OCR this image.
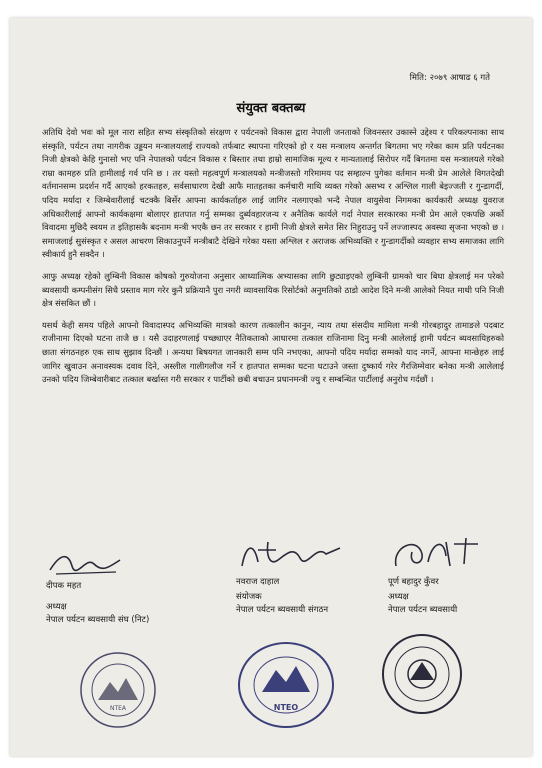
मिति: २०७९ आषाढ ६ गते
संयुक्त बक्तब्य

अतिथि देवो भवः को मूल नारा सहित सभ्य संस्कृतिको संरक्षण र पर्यटनको विकास द्वारा नेपाली जनताको जिवनस्तर उकास्ने उद्देश्य र परिकल्पनाका साथ संस्कृति, पर्यटन तथा नागरीक उड्डयन मन्त्रालयलाई राज्यको तर्फबाट स्थापना गरिएको हो र यस मन्त्रालय अन्तर्गत बिगतमा भए गरेका काम प्रति पर्यटनका निजी क्षेत्रको केहि गुनासो भए पनि नेपालको पर्यटन विकास र बिस्तार तथा हाम्रो सामाजिक मूल्य र मान्यतालाई सिरोपर गर्दै बिगतमा यस मन्त्रालयले गरेको राम्रा कामहरु प्रति हामीलाई गर्व पनि छ । तर यस्तो महत्वपूर्ण मन्त्रालयको मन्त्रीजस्तो गरिमामय पद सम्हाल्न पुगेका वर्तमान मन्त्री प्रेम आलेले विगतदेखी वर्तमानसम्म प्रदर्शन गर्दै आएको हरकतहरु, सर्वसाधारण देखी आफै मातहतका कर्मचारी माथि व्यक्त गरेको असभ्य र अश्लिल गाली बेइज्जती र गुन्डागर्दी, पदिय मर्यादा र जिम्बेवारीलाई चटक्कै बिर्सेर आफ्ना कार्यकर्ताहरु लाई जागिर नलगाएको भन्दै नेपाल वायुसेवा निगमका कार्यकारी अध्यक्ष युवराज अधिकारीलाई आफ्नो कार्यकक्षमा बोलाएर हातपात गर्नु सम्मका दुर्ब्यवहारजन्य र अनैतिक कार्यले गर्दा नेपाल सरकारका मन्त्री प्रेम आले एकपछि अर्को विवादमा मुछिदै स्वयम त इतिहासकै बदनाम मन्त्री भएकै छन तर सरकार र हामी निजी क्षेत्रले समेत सिर निहुराउनु पर्ने लज्जास्पद अवस्था सृजना भएको छ । समाजलाई सुसंस्कृत र असल आचरण सिकाउनुपर्ने मन्त्रीबाटै देखिने गरेका यस्ता अश्लिल र अराजक अभिव्यक्ति र गुन्डागर्दीको व्यवहार सभ्य समाजका लागि स्वीकार्य हुनै सक्दैन ।

आफु अध्यक्ष रहेको लुम्बिनी विकास कोषको गुरुयोजना अनुसार आध्यात्मिक अभ्यासका लागि छुट्याइएको लुम्बिनी ग्रामको चार बिघा क्षेत्रलाई मन परेको ब्यवसायी कम्पनीसंग सिधै प्रस्ताव माग गरेर कुनै प्रक्रियानै पुरा नगरी व्यावसायिक रिसोर्टको अनुमतिको ठाडो आदेश दिने मन्त्री आलेको नियत माथी पनि निजी क्षेत्र संसकित छौं ।

यसर्थ केही समय पहिले आफ्नो विवादास्पद अभिव्यक्ति मात्रको कारण तत्कालीन कानुन, न्याय तथा संसदीय मामिला मन्त्री गोरबहादुर तामाङले पदबाट राजीनामा दिएको घटना ताजै छ । यसै उदाहरणलाई पच्छ्याएर नैतिकताको आधारमा तत्काल राजिनामा दिनु मन्त्री आलेलाई हामी पर्यटन ब्यवसायिहरुको छाता संगठनहरु एक साथ सुझाव दिन्छौं । अन्यथा बिषयगत जानकारी सम्म पनि नभएका, आफ्नो पदिय मर्यादा सम्मको याद नगर्ने, आफ्ना मान्छेहरु लाई जागिर खुवाउन अनावस्यक दवाव दिने, अस्लील गालीगलौज गर्ने र हातपात सम्मका घटना घटाउने जस्ता दुष्कार्य गरेर गैरजिम्मेवार बनेका मन्त्री आलेलाई उनको पदिय जिम्बेवारीबाट तत्काल बर्खास्त गरी सरकार र पार्टीको छबी बचाउन प्रधानमन्त्री ज्यु र सम्बन्धित पार्टीलाई अनुरोध गर्दछौं ।

दीपक महत
अध्यक्ष
नेपाल पर्यटन ब्यवसायी संघ (निट)
नवराज दाहाल
संयोजक
नेपाल पर्यटन ब्यवसायी संगठन
पूर्ण बहादुर कुँवर
अध्यक्ष
नेपाल पर्यटन ब्यवसायी
NTEA	NTEO
